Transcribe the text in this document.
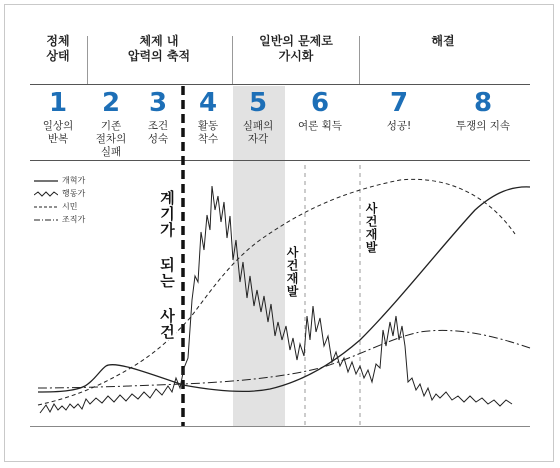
정체
상태
체제 내
압력의 축적
일반의 문제로
가시화
해결
1
일상의
반복
2
기존
절차의
실패
3
조건
성숙
4
활동
착수
5
실패의
자각
6
여론 획득
7
성공!
8
투쟁의 지속
개혁가
행동가
시민
조직가	계기가 되는 사건	사건재발
사건재발
